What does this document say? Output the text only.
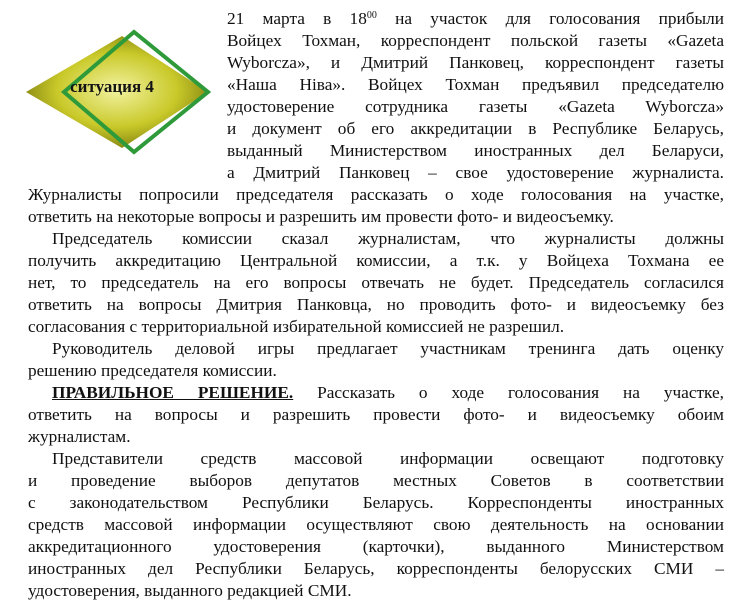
ситуация 4
21 марта в $18^{00}$ на участок для голосования прибыли
Войцех Тохман, корреспондент польской газеты «Gazeta
Wyborcza», и Дмитрий Панковец, корреспондент газеты
«Наша Нiва». Войцех Тохман предъявил председателю
удостоверение сотрудника газеты «Gazeta Wyborcza»
и документ об его аккредитации в Республике Беларусь,
выданный Министерством иностранных дел Беларуси,
а Дмитрий Панковец – свое удостоверение журналиста.
Журналисты попросили председателя рассказать о ходе голосования на участке,
ответить на некоторые вопросы и разрешить им провести фото- и видеосъемку.
Председатель комиссии сказал журналистам, что журналисты должны
получить аккредитацию Центральной комиссии, а т.к. у Войцеха Тохмана ее
нет, то председатель на его вопросы отвечать не будет. Председатель согласился
ответить на вопросы Дмитрия Панковца, но проводить фото- и видеосъемку без
согласования с территориальной избирательной комиссией не разрешил.
Руководитель деловой игры предлагает участникам тренинга дать оценку
решению председателя комиссии.
ПРАВИЛЬНОЕ РЕШЕНИЕ. Рассказать о ходе голосования на участке,
ответить на вопросы и разрешить провести фото- и видеосъемку обоим
журналистам.
Представители средств массовой информации освещают подготовку
и проведение выборов депутатов местных Советов в соответствии
с законодательством Республики Беларусь. Корреспонденты иностранных
средств массовой информации осуществляют свою деятельность на основании
аккредитационного удостоверения (карточки), выданного Министерством
иностранных дел Республики Беларусь, корреспонденты белорусских СМИ –
удостоверения, выданного редакцией СМИ.
